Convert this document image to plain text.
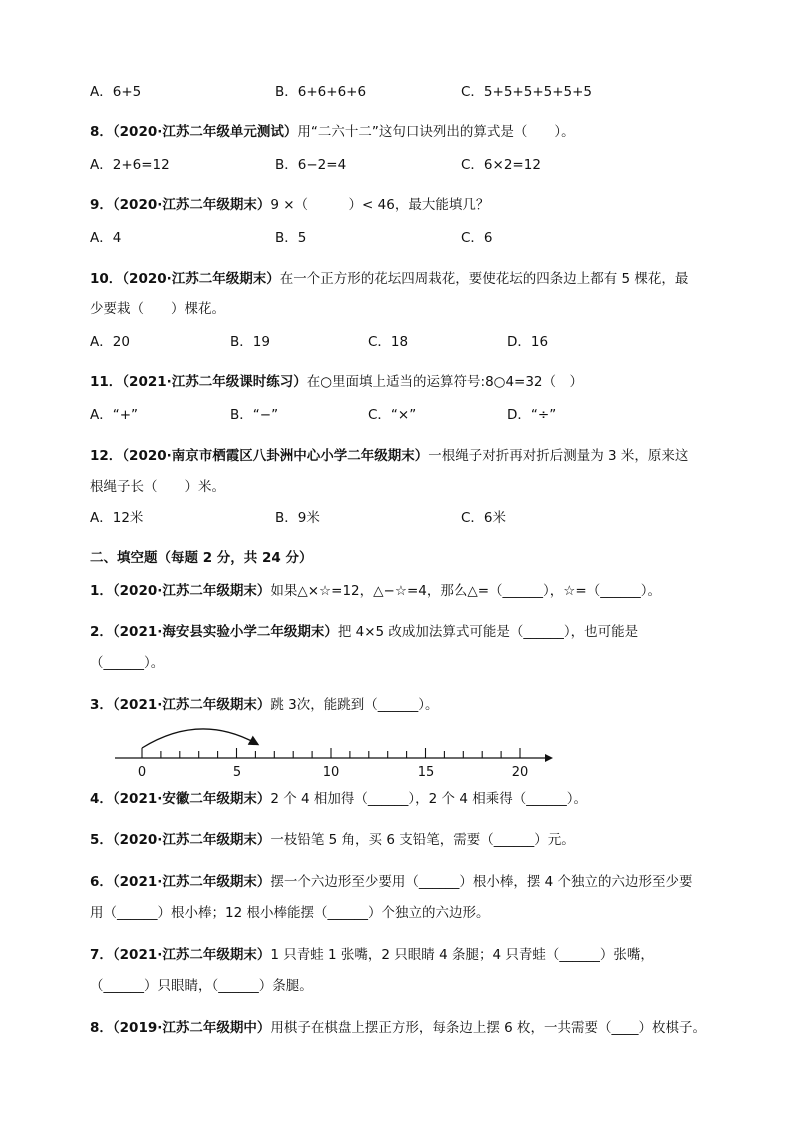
A．6+5	B．6+6+6+6	C．5+5+5+5+5+5
8．（2020·江苏二年级单元测试）用“二六十二”这句口诀列出的算式是（　　）。
A．2+6=12	B．6−2=4	C．6×2=12
9．（2020·江苏二年级期末）9 ×（　　　）< 46，最大能填几？
A．4	B．5	C．6
10．（2020·江苏二年级期末）在一个正方形的花坛四周栽花，要使花坛的四条边上都有 5 棵花，最
少要栽（　　）棵花。
A．20	B．19	C．18	D．16
11．（2021·江苏二年级课时练习）在○里面填上适当的运算符号:8○4=32（　）
A．“+”	B．“−”	C．“×”	D．“÷”
12．（2020·南京市栖霞区八卦洲中心小学二年级期末）一根绳子对折再对折后测量为 3 米，原来这
根绳子长（　　）米。
A．12米	B．9米	C．6米
二、填空题（每题 2 分，共 24 分）
1．（2020·江苏二年级期末）如果△×☆=12，△−☆=4，那么△=（______），☆=（______）。
2．（2021·海安县实验小学二年级期末）把 4×5 改成加法算式可能是（______），也可能是
（______）。
3．（2021·江苏二年级期末）跳 3次，能跳到（______）。
0	5	10	15	20
4．（2021·安徽二年级期末）2 个 4 相加得（______），2 个 4 相乘得（______）。
5．（2020·江苏二年级期末）一枝铅笔 5 角，买 6 支铅笔，需要（______）元。
6．（2021·江苏二年级期末）摆一个六边形至少要用（______）根小棒，摆 4 个独立的六边形至少要
用（______）根小棒；12 根小棒能摆（______）个独立的六边形。
7．（2021·江苏二年级期末）1 只青蛙 1 张嘴，2 只眼睛 4 条腿；4 只青蛙（______）张嘴，
（______）只眼睛，（______）条腿。
8．（2019·江苏二年级期中）用棋子在棋盘上摆正方形，每条边上摆 6 枚，一共需要（____）枚棋子。
